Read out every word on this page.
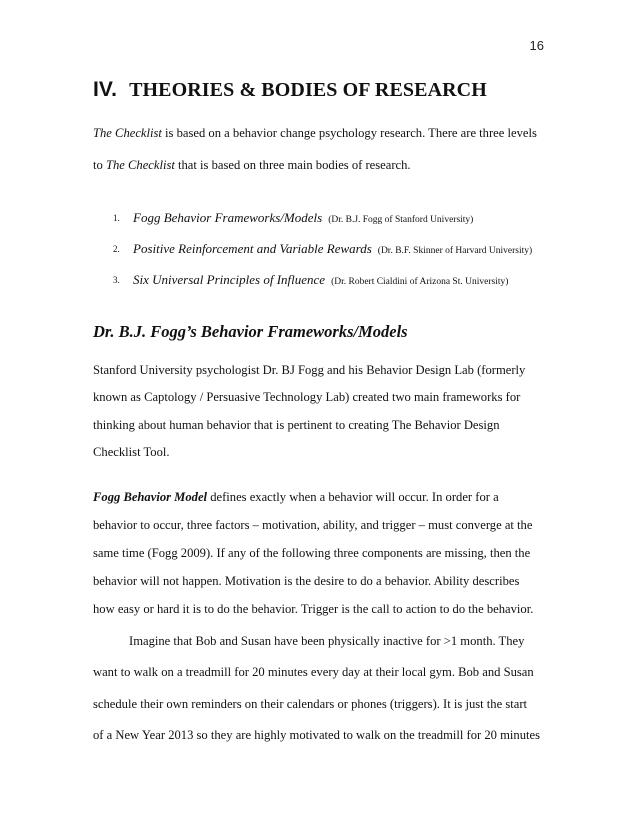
16
IV. THEORIES & BODIES OF RESEARCH

The Checklist is based on a behavior change psychology research. There are three levels

to The Checklist that is based on three main bodies of research.

1. Fogg Behavior Frameworks/Models (Dr. B.J. Fogg of Stanford University)
2. Positive Reinforcement and Variable Rewards (Dr. B.F. Skinner of Harvard University)
3. Six Universal Principles of Influence (Dr. Robert Cialdini of Arizona St. University)
Dr. B.J. Fogg’s Behavior Frameworks/Models

Stanford University psychologist Dr. BJ Fogg and his Behavior Design Lab (formerly

known as Captology / Persuasive Technology Lab) created two main frameworks for

thinking about human behavior that is pertinent to creating The Behavior Design

Checklist Tool.

Fogg Behavior Model defines exactly when a behavior will occur. In order for a

behavior to occur, three factors – motivation, ability, and trigger – must converge at the

same time (Fogg 2009). If any of the following three components are missing, then the

behavior will not happen. Motivation is the desire to do a behavior. Ability describes

how easy or hard it is to do the behavior. Trigger is the call to action to do the behavior.

Imagine that Bob and Susan have been physically inactive for >1 month. They

want to walk on a treadmill for 20 minutes every day at their local gym. Bob and Susan

schedule their own reminders on their calendars or phones (triggers). It is just the start

of a New Year 2013 so they are highly motivated to walk on the treadmill for 20 minutes
